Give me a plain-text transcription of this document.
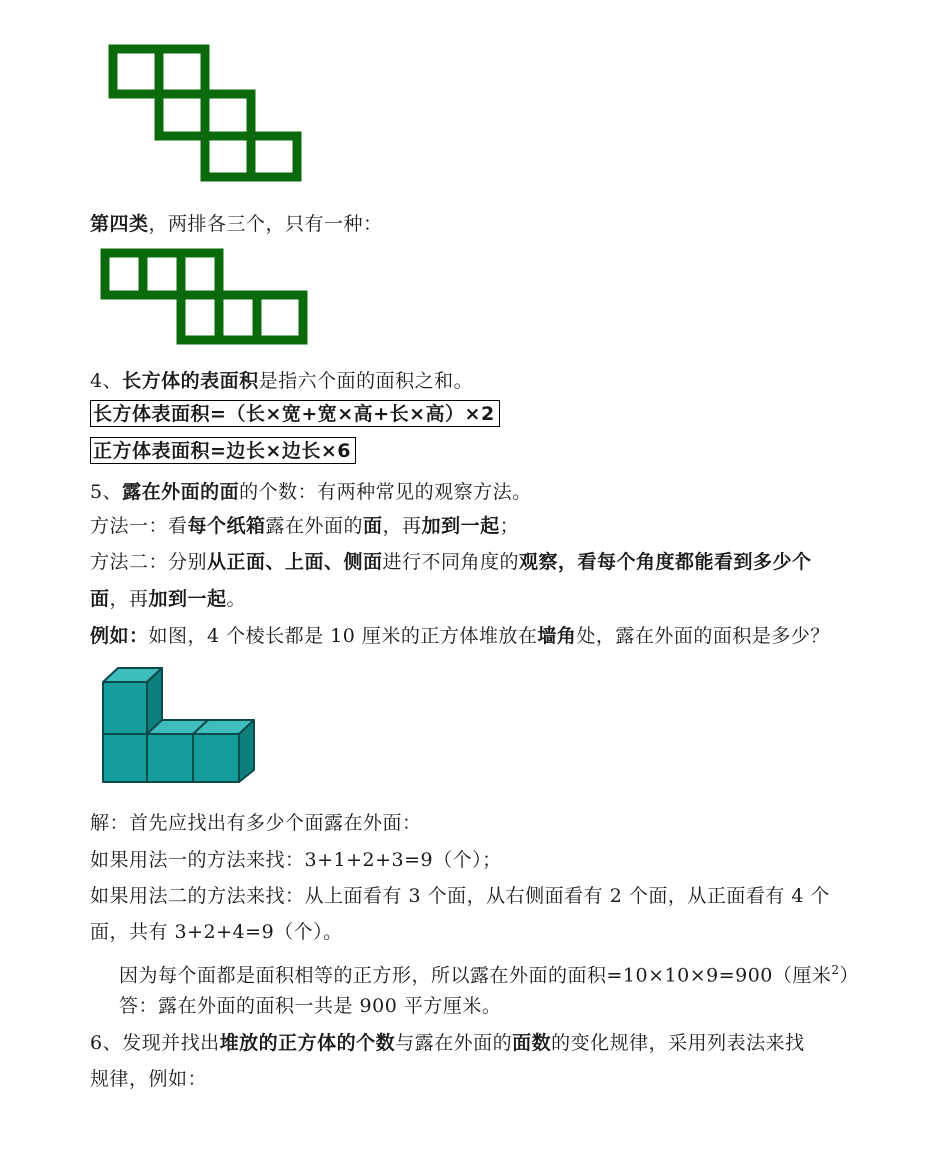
第四类，两排各三个，只有一种：
4、长方体的表面积是指六个面的面积之和。
长方体表面积=（长×宽+宽×高+长×高）×2
正方体表面积=边长×边长×6
5、露在外面的面的个数：有两种常见的观察方法。
方法一：看每个纸箱露在外面的面，再加到一起；
方法二：分别从正面、上面、侧面进行不同角度的观察，看每个角度都能看到多少个
面，再加到一起。
例如：如图，4 个棱长都是 10 厘米的正方体堆放在墙角处，露在外面的面积是多少？
解：首先应找出有多少个面露在外面：
如果用法一的方法来找：3+1+2+3=9（个）；
如果用法二的方法来找：从上面看有 3 个面，从右侧面看有 2 个面，从正面看有 4 个
面，共有 3+2+4=9（个）。
因为每个面都是面积相等的正方形，所以露在外面的面积=10×10×9=900（厘米$^2$）
答：露在外面的面积一共是 900 平方厘米。
6、发现并找出堆放的正方体的个数与露在外面的面数的变化规律，采用列表法来找
规律，例如：
